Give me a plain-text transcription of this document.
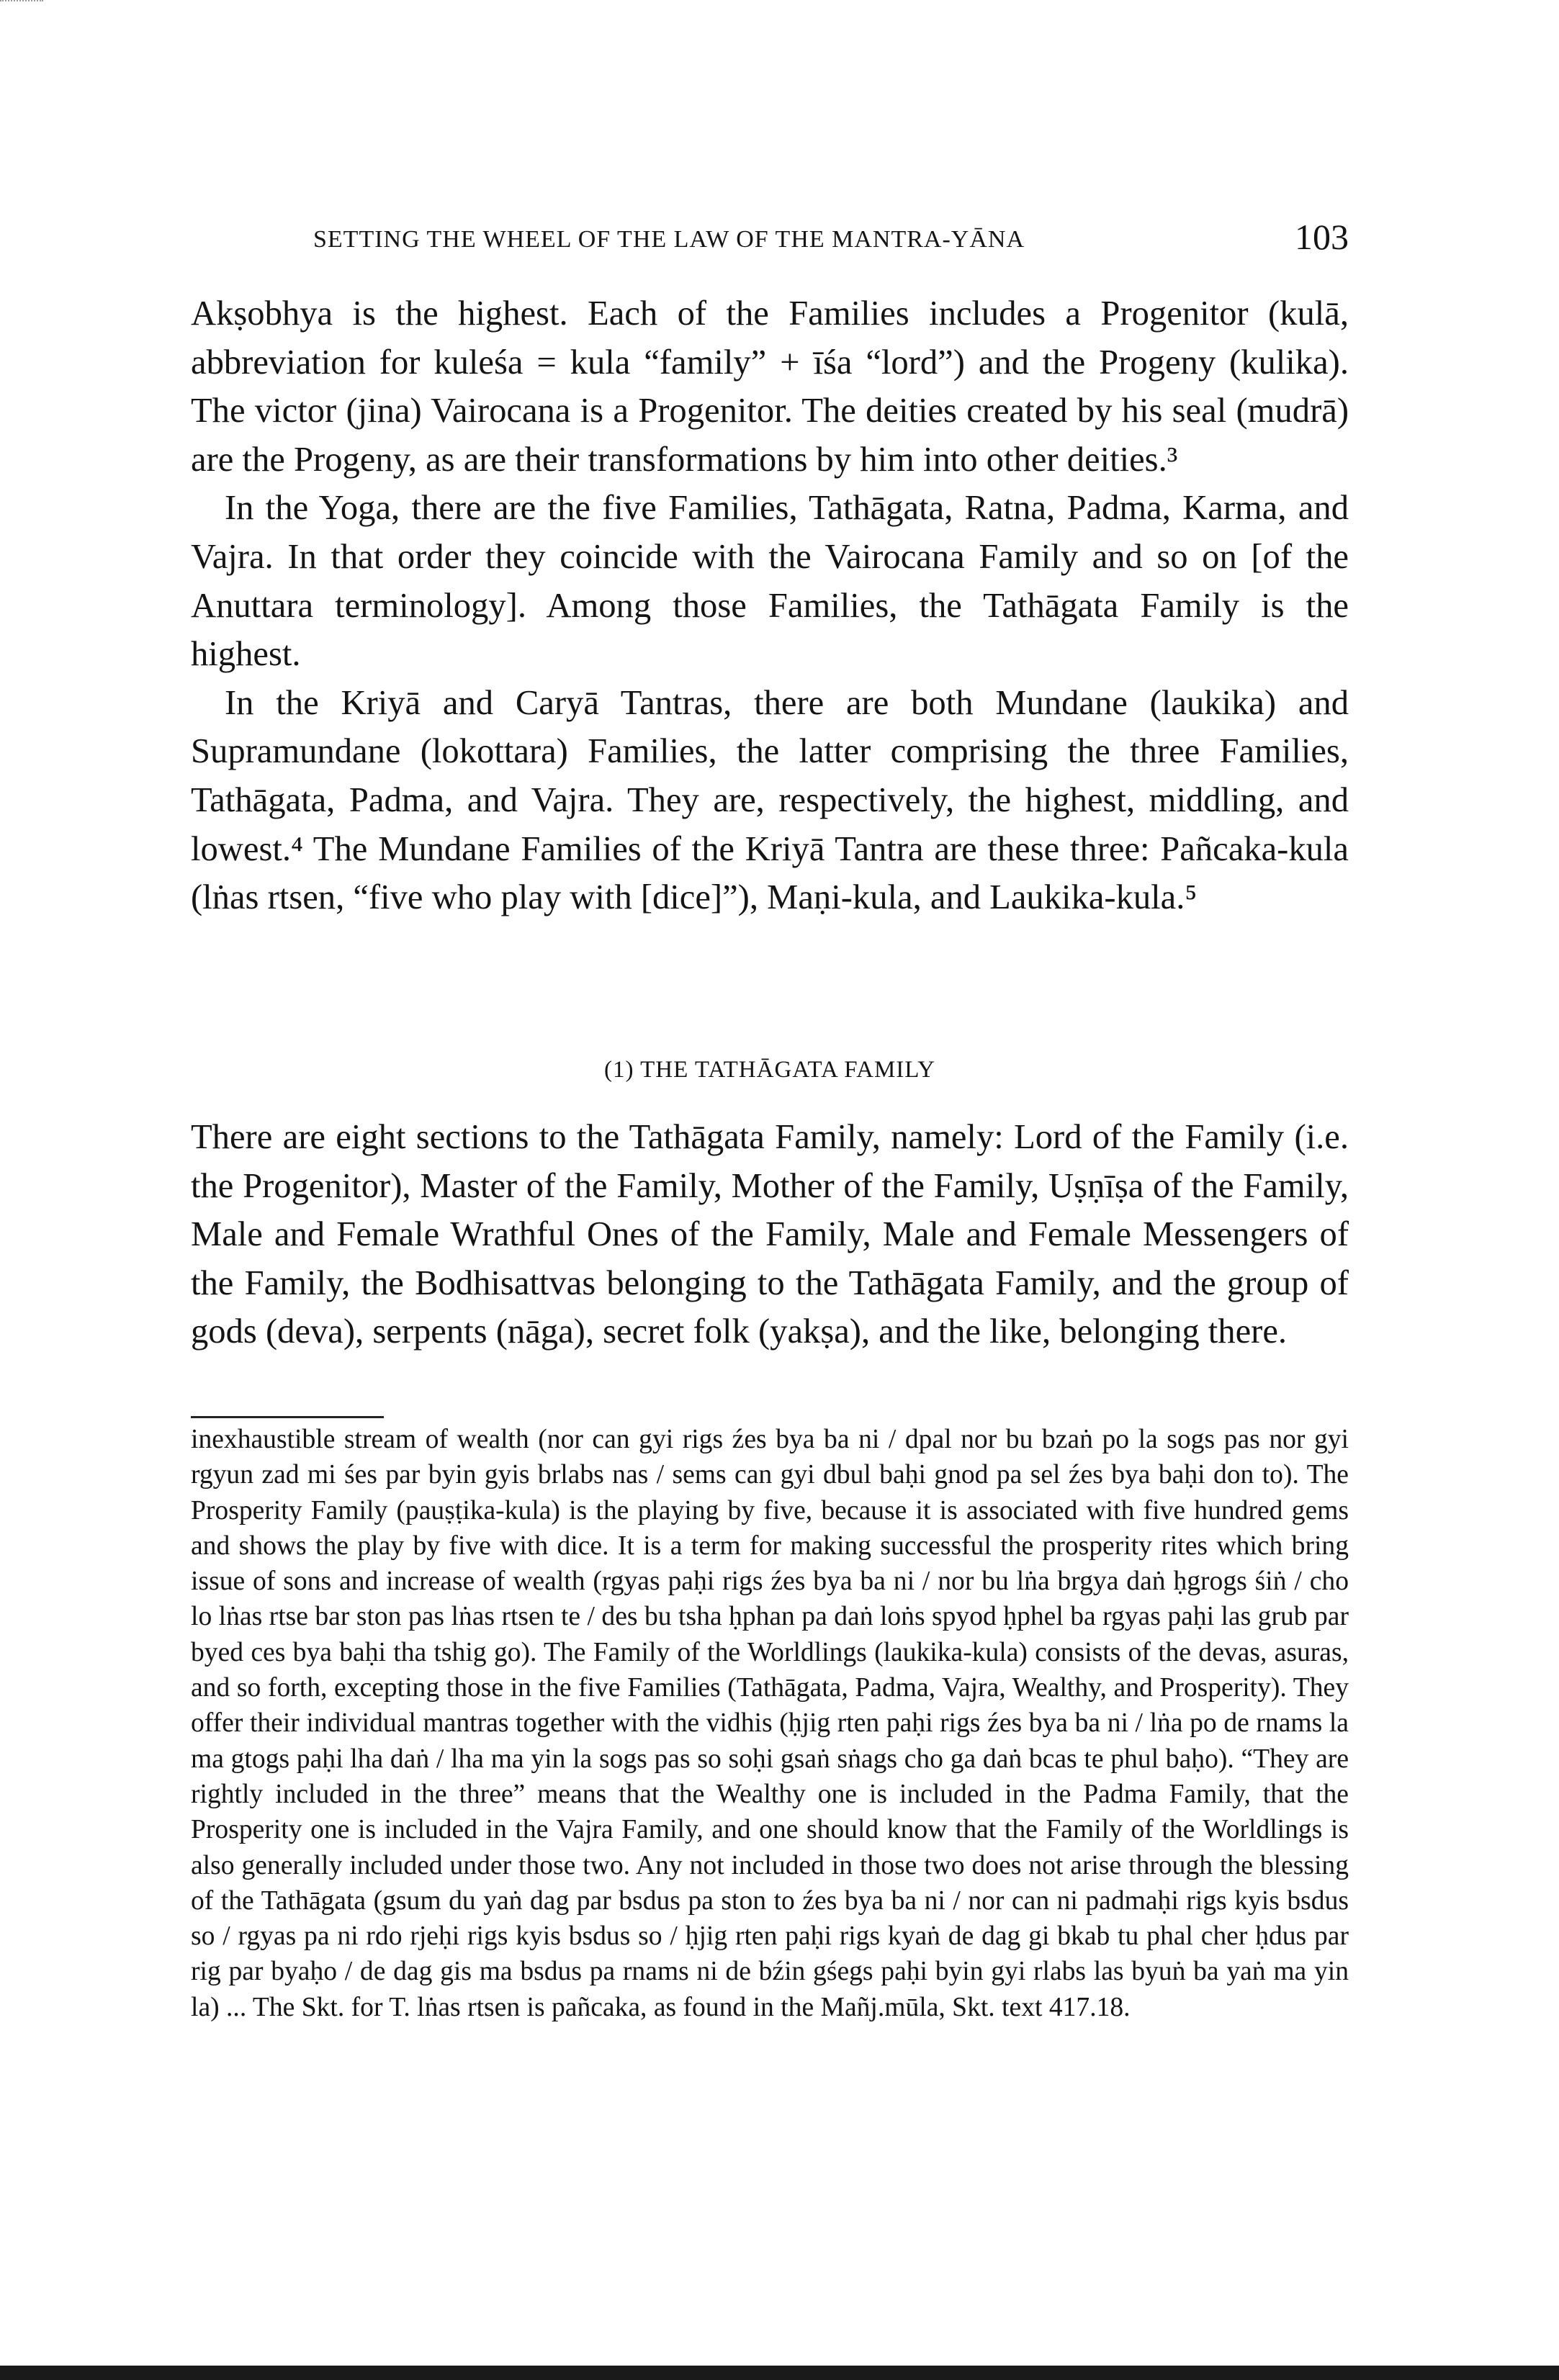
SETTING THE WHEEL OF THE LAW OF THE MANTRA-YĀNA	103

Akṣobhya is the highest. Each of the Families includes a Progenitor (kulā, abbreviation for kuleśa = kula “family” + īśa “lord”) and the Progeny (kulika). The victor (jina) Vairocana is a Progenitor. The deities created by his seal (mudrā) are the Progeny, as are their transformations by him into other deities.³

In the Yoga, there are the five Families, Tathāgata, Ratna, Padma, Karma, and Vajra. In that order they coincide with the Vairocana Family and so on [of the Anuttara terminology]. Among those Families, the Tathāgata Family is the highest.

In the Kriyā and Caryā Tantras, there are both Mundane (laukika) and Supramundane (lokottara) Families, the latter comprising the three Families, Tathāgata, Padma, and Vajra. They are, respectively, the highest, middling, and lowest.⁴ The Mundane Families of the Kriyā Tantra are these three: Pañcaka-kula (lṅas rtsen, “five who play with [dice]”), Maṇi-kula, and Laukika-kula.⁵

(1) THE TATHĀGATA FAMILY

There are eight sections to the Tathāgata Family, namely: Lord of the Family (i.e. the Progenitor), Master of the Family, Mother of the Family, Uṣṇīṣa of the Family, Male and Female Wrathful Ones of the Family, Male and Female Messengers of the Family, the Bodhisattvas belonging to the Tathāgata Family, and the group of gods (deva), serpents (nāga), secret folk (yakṣa), and the like, belonging there.

inexhaustible stream of wealth (nor can gyi rigs źes bya ba ni / dpal nor bu bzaṅ po la sogs pas nor gyi rgyun zad mi śes par byin gyis brlabs nas / sems can gyi dbul baḥi gnod pa sel źes bya baḥi don to). The Prosperity Family (pauṣṭika-kula) is the playing by five, because it is associated with five hundred gems and shows the play by five with dice. It is a term for making successful the prosperity rites which bring issue of sons and increase of wealth (rgyas paḥi rigs źes bya ba ni / nor bu lṅa brgya daṅ ḥgrogs śiṅ / cho lo lṅas rtse bar ston pas lṅas rtsen te / des bu tsha ḥphan pa daṅ loṅs spyod ḥphel ba rgyas paḥi las grub par byed ces bya baḥi tha tshig go). The Family of the Worldlings (laukika-kula) consists of the devas, asuras, and so forth, excepting those in the five Families (Tathāgata, Padma, Vajra, Wealthy, and Prosperity). They offer their individual mantras together with the vidhis (ḥjig rten paḥi rigs źes bya ba ni / lṅa po de rnams la ma gtogs paḥi lha daṅ / lha ma yin la sogs pas so soḥi gsaṅ sṅags cho ga daṅ bcas te phul baḥo). “They are rightly included in the three” means that the Wealthy one is included in the Padma Family, that the Prosperity one is included in the Vajra Family, and one should know that the Family of the Worldlings is also generally included under those two. Any not included in those two does not arise through the blessing of the Tathāgata (gsum du yaṅ dag par bsdus pa ston to źes bya ba ni / nor can ni padmaḥi rigs kyis bsdus so / rgyas pa ni rdo rjeḥi rigs kyis bsdus so / ḥjig rten paḥi rigs kyaṅ de dag gi bkab tu phal cher ḥdus par rig par byaḥo / de dag gis ma bsdus pa rnams ni de bźin gśegs paḥi byin gyi rlabs las byuṅ ba yaṅ ma yin la) ... The Skt. for T. lṅas rtsen is pañcaka, as found in the Mañj.mūla, Skt. text 417.18.
